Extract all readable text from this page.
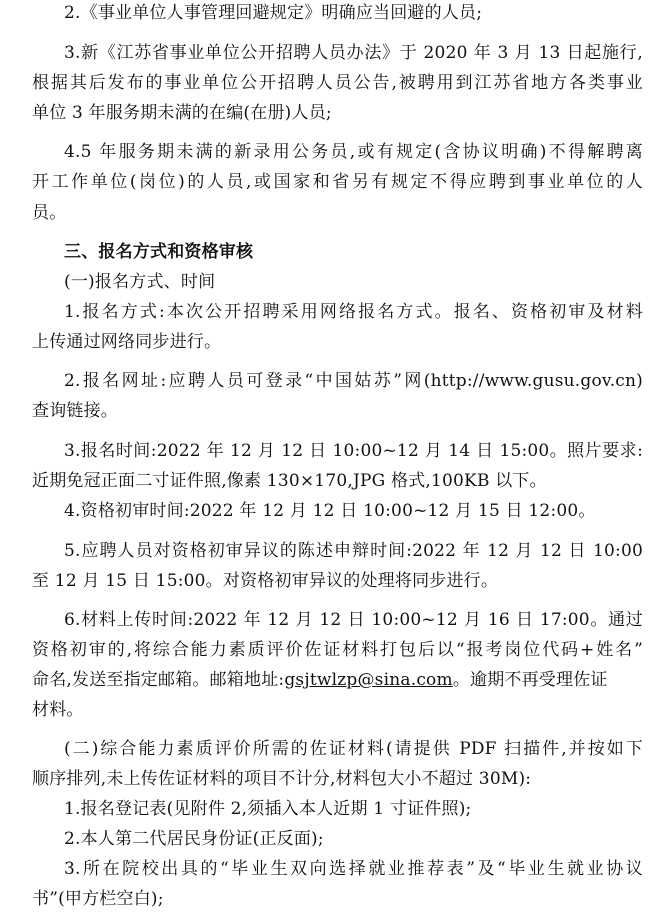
2.《事业单位人事管理回避规定》明确应当回避的人员;
3.新《江苏省事业单位公开招聘人员办法》于 2020 年 3 月 13 日起施行,
根据其后发布的事业单位公开招聘人员公告,被聘用到江苏省地方各类事业
单位 3 年服务期未满的在编(在册)人员;
4.5 年服务期未满的新录用公务员,或有规定(含协议明确)不得解聘离
开工作单位(岗位)的人员,或国家和省另有规定不得应聘到事业单位的人
员。
三、报名方式和资格审核
(一)报名方式、时间
1.报名方式:本次公开招聘采用网络报名方式。报名、资格初审及材料
上传通过网络同步进行。
2.报名网址:应聘人员可登录“中国姑苏”网(http://www.gusu.gov.cn)
查询链接。
3.报名时间:2022 年 12 月 12 日 10:00~12 月 14 日 15:00。照片要求:
近期免冠正面二寸证件照,像素 130×170,JPG 格式,100KB 以下。
4.资格初审时间:2022 年 12 月 12 日 10:00~12 月 15 日 12:00。
5.应聘人员对资格初审异议的陈述申辩时间:2022 年 12 月 12 日 10:00
至 12 月 15 日 15:00。对资格初审异议的处理将同步进行。
6.材料上传时间:2022 年 12 月 12 日 10:00~12 月 16 日 17:00。通过
资格初审的,将综合能力素质评价佐证材料打包后以“报考岗位代码+姓名”
命名,发送至指定邮箱。邮箱地址:gsjtwlzp@sina.com。逾期不再受理佐证
材料。
(二)综合能力素质评价所需的佐证材料(请提供 PDF 扫描件,并按如下
顺序排列,未上传佐证材料的项目不计分,材料包大小不超过 30M):
1.报名登记表(见附件 2,须插入本人近期 1 寸证件照);
2.本人第二代居民身份证(正反面);
3.所在院校出具的“毕业生双向选择就业推荐表”及“毕业生就业协议
书”(甲方栏空白);
